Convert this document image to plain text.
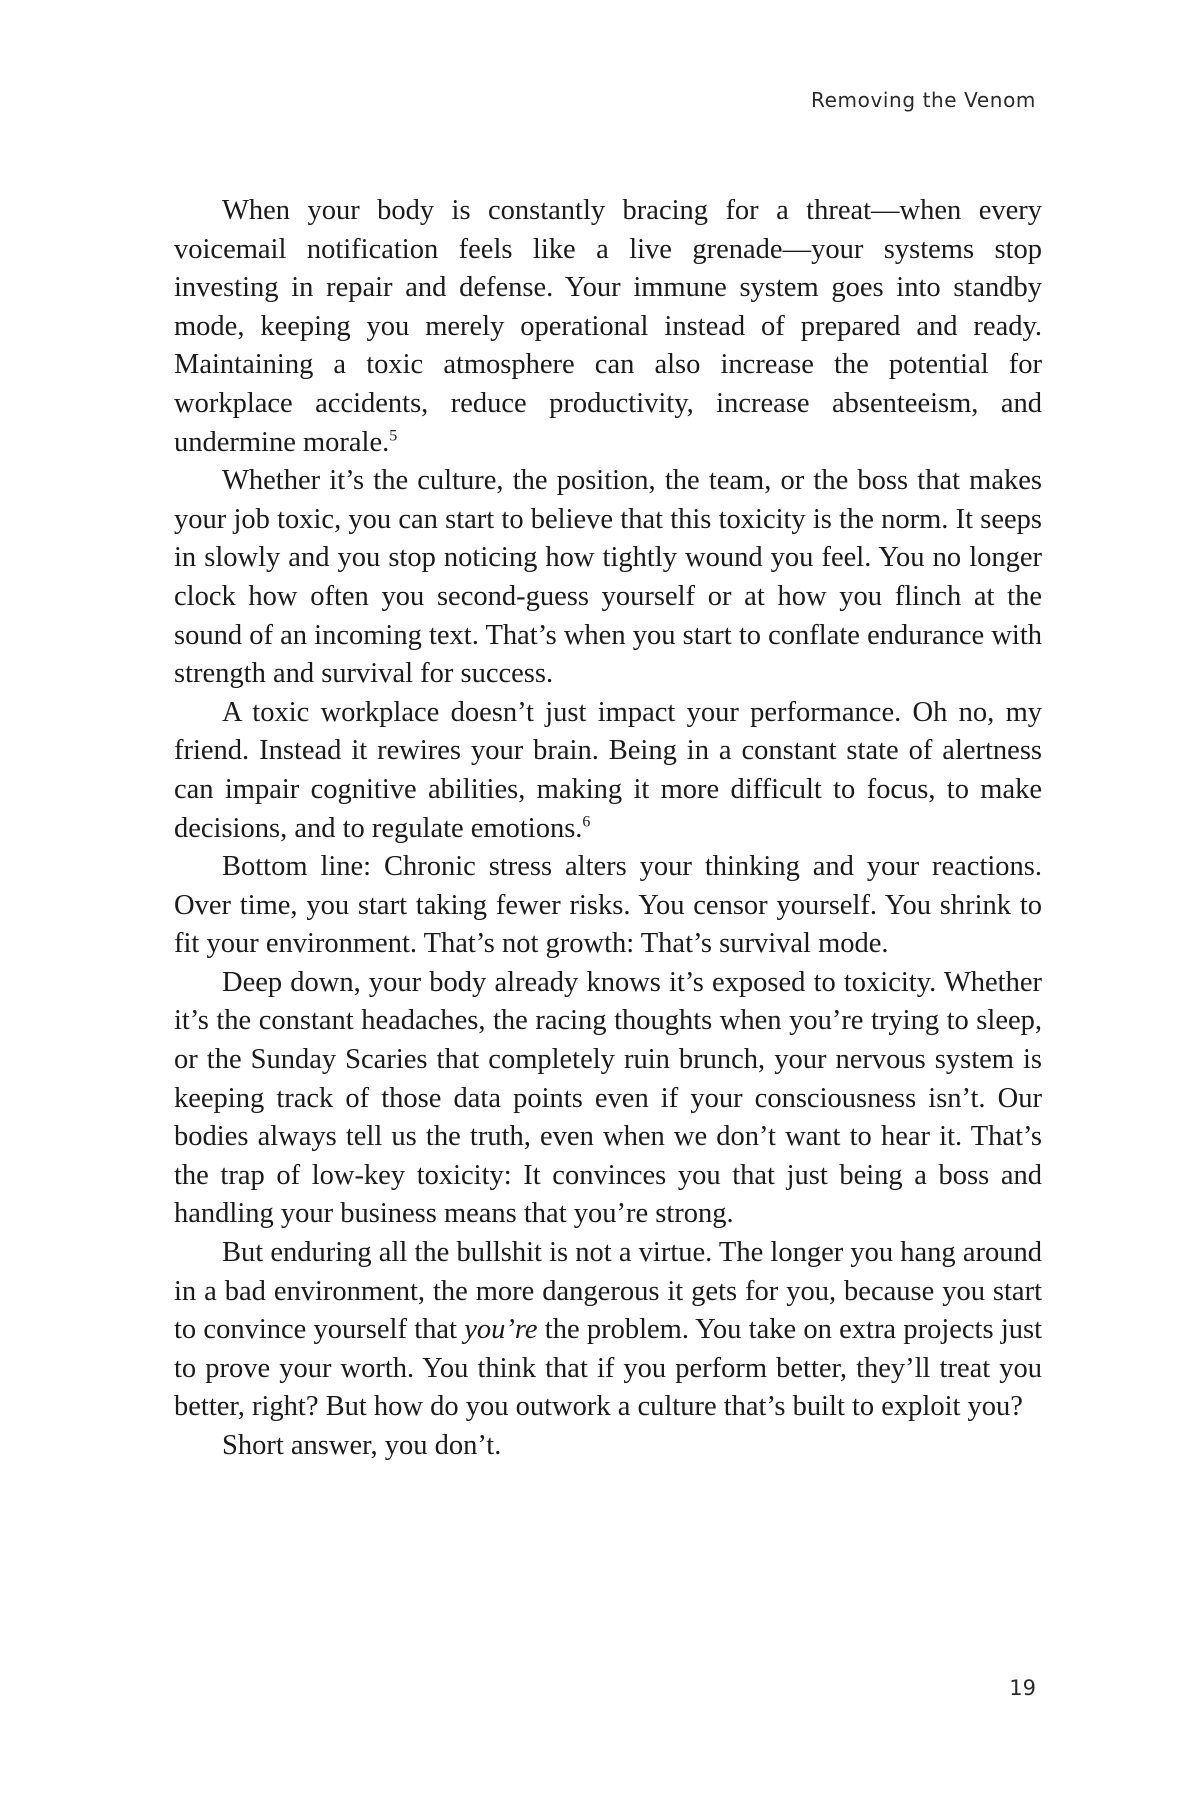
Removing the Venom

When your body is constantly bracing for a threat—when every voicemail notification feels like a live grenade—your systems stop investing in repair and defense. Your immune system goes into standby mode, keeping you merely operational instead of prepared and ready. Maintaining a toxic atmosphere can also increase the potential for workplace accidents, reduce productivity, increase absenteeism, and undermine morale.$^5$

Whether it’s the culture, the position, the team, or the boss that makes your job toxic, you can start to believe that this toxicity is the norm. It seeps in slowly and you stop noticing how tightly wound you feel. You no longer clock how often you second-guess yourself or at how you flinch at the sound of an incoming text. That’s when you start to conflate endurance with strength and survival for success.

A toxic workplace doesn’t just impact your performance. Oh no, my friend. Instead it rewires your brain. Being in a constant state of alertness can impair cognitive abilities, making it more difficult to focus, to make decisions, and to regulate emotions.$^6$

Bottom line: Chronic stress alters your thinking and your reactions. Over time, you start taking fewer risks. You censor yourself. You shrink to fit your environment. That’s not growth: That’s survival mode.

Deep down, your body already knows it’s exposed to toxicity. Whether it’s the constant headaches, the racing thoughts when you’re trying to sleep, or the Sunday Scaries that completely ruin brunch, your nervous system is keeping track of those data points even if your consciousness isn’t. Our bodies always tell us the truth, even when we don’t want to hear it. That’s the trap of low-key toxicity: It convinces you that just being a boss and handling your business means that you’re strong.

But enduring all the bullshit is not a virtue. The longer you hang around in a bad environment, the more dangerous it gets for you, because you start to convince yourself that you’re the problem. You take on extra projects just to prove your worth. You think that if you perform better, they’ll treat you better, right? But how do you outwork a culture that’s built to exploit you?

Short answer, you don’t.

19
